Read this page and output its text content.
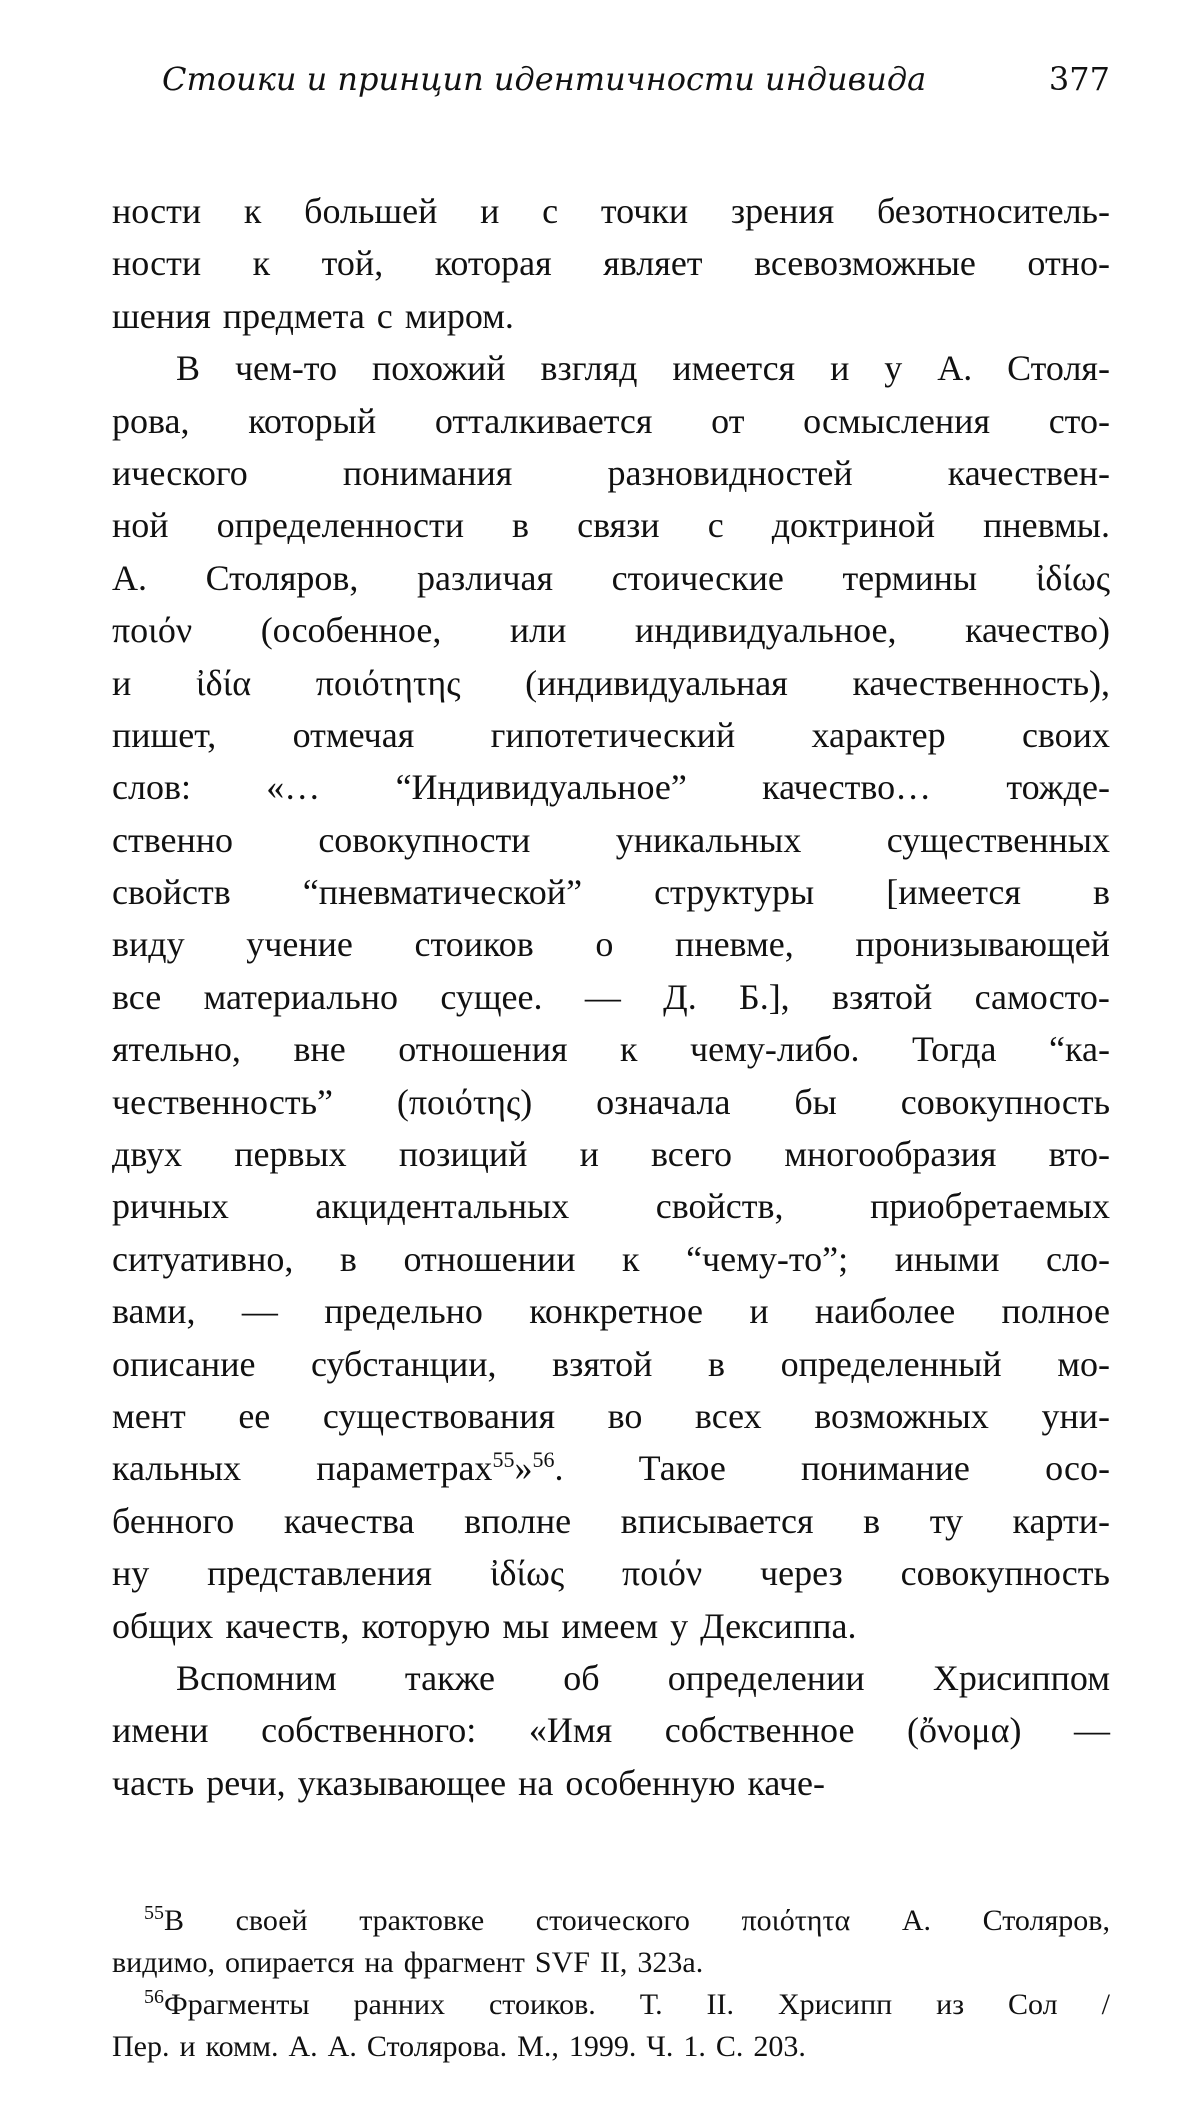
Стоики и принцип идентичности индивида	377
ности к большей и с точки зрения безотноситель-
ности к той, которая являет всевозможные отно-
шения предмета с миром.
В чем-то похожий взгляд имеется и у А. Столя-
рова, который отталкивается от осмысления сто-
ического	понимания	разновидностей	качествен-
ной определенности в связи с доктриной пневмы.
А. Столяров, различая стоические термины ἰδίως
ποιόν (особенное, или индивидуальное, качество)
и ἰδία ποιότητης (индивидуальная качественность),
пишет, отмечая гипотетический характер своих
слов: «… “Индивидуальное” качество… тожде-
ственно совокупности уникальных существенных
свойств “пневматической” структуры [имеется в
виду учение стоиков о пневме, пронизывающей
все материально сущее. — Д. Б.], взятой самосто-
ятельно, вне отношения к чему-либо. Тогда “ка-
чественность” (ποιότης) означала бы совокупность
двух первых позиций и всего многообразия вто-
ричных акцидентальных свойств, приобретаемых
ситуативно, в отношении к “чему-то”; иными сло-
вами, — предельно конкретное и наиболее полное
описание субстанции, взятой в определенный мо-
мент ее существования во всех возможных уни-
кальных параметрах$^{55}$»$^{56}$. Такое понимание осо-
бенного качества вполне вписывается в ту карти-
ну представления ἰδίως ποιόν через совокупность
общих качеств, которую мы имеем у Дексиппа.
Вспомним также об определении Хрисиппом
имени собственного: «Имя собственное (ὄνομα) —
часть речи, указывающее на особенную каче-
$^{55}$В своей трактовке стоического ποιότητα А. Столяров,
видимо, опирается на фрагмент SVF II, 323a.
$^{56}$Фрагменты ранних стоиков. Т. II. Хрисипп из Сол /
Пер. и комм. А. А. Столярова. М., 1999. Ч. 1. С. 203.
